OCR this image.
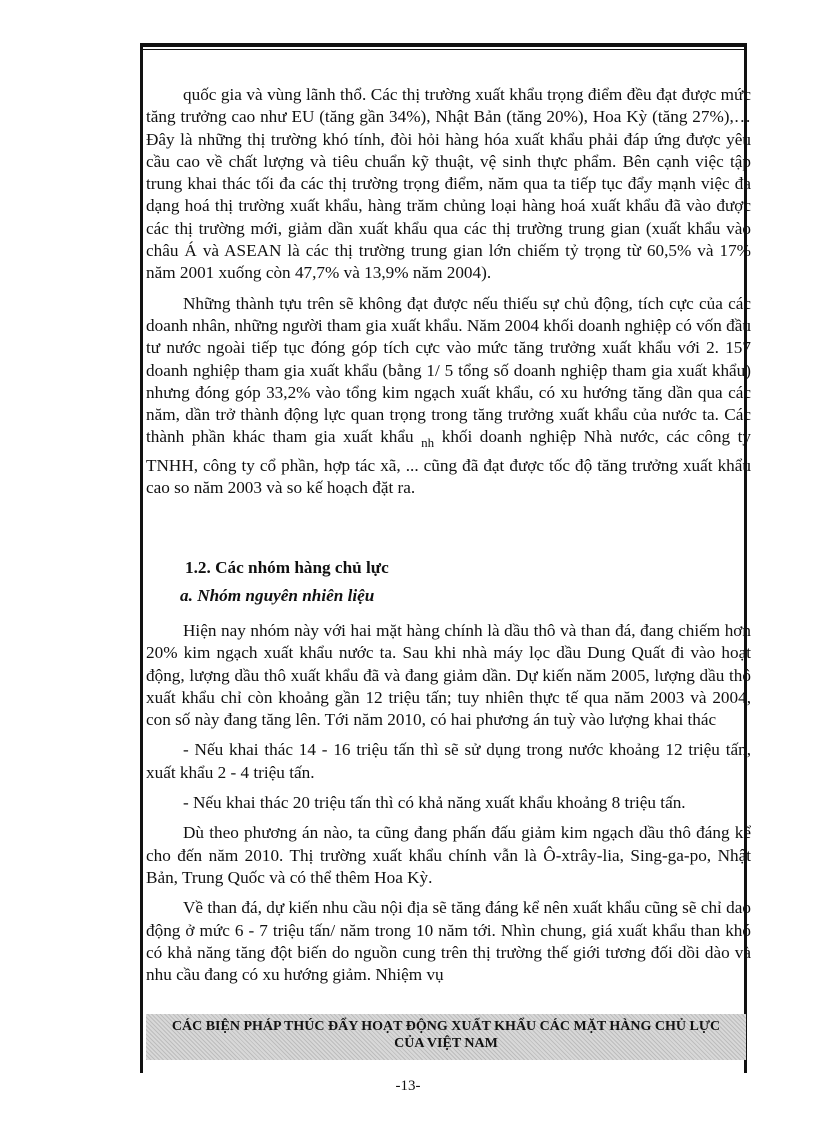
quốc gia và vùng lãnh thổ. Các thị trường xuất khẩu trọng điểm đều đạt được mức tăng trưởng cao như EU (tăng gần 34%), Nhật Bản (tăng 20%), Hoa Kỳ (tăng 27%),…Đây là những thị trường khó tính, đòi hỏi hàng hóa xuất khẩu phải đáp ứng được yêu cầu cao về chất lượng và tiêu chuẩn kỹ thuật, vệ sinh thực phẩm. Bên cạnh việc tập trung khai thác tối đa các thị trường trọng điểm, năm qua ta tiếp tục đẩy mạnh việc đa dạng hoá thị trường xuất khẩu, hàng trăm chủng loại hàng hoá xuất khẩu đã vào được các thị trường mới, giảm dần xuất khẩu qua các thị trường trung gian (xuất khẩu vào châu Á và ASEAN là các thị trường trung gian lớn chiếm tỷ trọng từ 60,5% và 17% năm 2001 xuống còn 47,7% và 13,9% năm 2004).

Những thành tựu trên sẽ không đạt được nếu thiếu sự chủ động, tích cực của các doanh nhân, những người tham gia xuất khẩu. Năm 2004 khối doanh nghiệp có vốn đầu tư nước ngoài tiếp tục đóng góp tích cực vào mức tăng trưởng xuất khẩu với 2. 157 doanh nghiệp tham gia xuất khẩu (bằng 1/ 5 tổng số doanh nghiệp tham gia xuất khẩu) nhưng đóng góp 33,2% vào tổng kim ngạch xuất khẩu, có xu hướng tăng dần qua các năm, dần trở thành động lực quan trọng trong tăng trưởng xuất khẩu của nước ta. Các thành phần khác tham gia xuất khẩu $_{nh}$ khối doanh nghiệp Nhà nước, các công ty TNHH, công ty cổ phần, hợp tác xã, ... cũng đã đạt được tốc độ tăng trưởng xuất khẩu cao so năm 2003 và so kế hoạch đặt ra.

1.2. Các nhóm hàng chủ lực
a. Nhóm nguyên nhiên liệu

Hiện nay nhóm này với hai mặt hàng chính là dầu thô và than đá, đang chiếm hơn 20% kim ngạch xuất khẩu nước ta. Sau khi nhà máy lọc dầu Dung Quất đi vào hoạt động, lượng dầu thô xuất khẩu đã và đang giảm dần. Dự kiến năm 2005, lượng dầu thô xuất khẩu chỉ còn khoảng gần 12 triệu tấn; tuy nhiên thực tế qua năm 2003 và 2004, con số này đang tăng lên. Tới năm 2010, có hai phương án tuỳ vào lượng khai thác

- Nếu khai thác 14 - 16 triệu tấn thì sẽ sử dụng trong nước khoảng 12 triệu tấn, xuất khẩu 2 - 4 triệu tấn.

- Nếu khai thác 20 triệu tấn thì có khả năng xuất khẩu khoảng 8 triệu tấn.

Dù theo phương án nào, ta cũng đang phấn đấu giảm kim ngạch dầu thô đáng kể cho đến năm 2010. Thị trường xuất khẩu chính vẫn là Ô-xtrây-lia, Sing-ga-po, Nhật Bản, Trung Quốc và có thể thêm Hoa Kỳ.

Về than đá, dự kiến nhu cầu nội địa sẽ tăng đáng kể nên xuất khẩu cũng sẽ chỉ dao động ở mức 6 - 7 triệu tấn/ năm trong 10 năm tới. Nhìn chung, giá xuất khẩu than khó có khả năng tăng đột biến do nguồn cung trên thị trường thế giới tương đối dồi dào và nhu cầu đang có xu hướng giảm. Nhiệm vụ

CÁC BIỆN PHÁP THÚC ĐẨY HOẠT ĐỘNG XUẤT KHẨU CÁC MẶT HÀNG CHỦ LỰC
CỦA VIỆT NAM
-13-
